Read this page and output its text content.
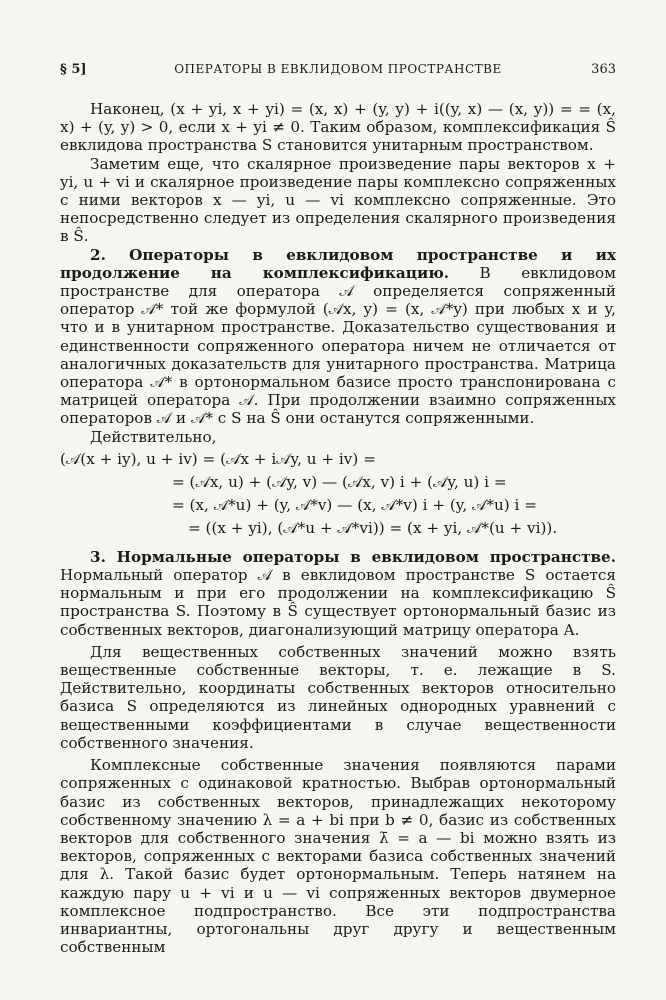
§ 5]	ОПЕРАТОРЫ В ЕВКЛИДОВОМ ПРОСТРАНСТВЕ	363

Наконец, (x + yi, x + yi) = (x, x) + (y, y) + i((y, x) — (x, y)) = = (x, x) + (y, y) > 0, если x + yi ≠ 0. Таким образом, комплексификация Ŝ евклидова пространства S становится унитарным пространством.

Заметим еще, что скалярное произведение пары векторов x + yi, u + vi и скалярное произведение пары комплексно сопряженных с ними векторов x — yi, u — vi комплексно сопряженные. Это непосредственно следует из определения скалярного произведения в Ŝ.

2. Операторы в евклидовом пространстве и их продолжение на комплексификацию. В евклидовом пространстве для оператора 𝒜 определяется сопряженный оператор 𝒜* той же формулой (𝒜x, y) = (x, 𝒜*y) при любых x и y, что и в унитарном пространстве. Доказательство существования и единственности сопряженного оператора ничем не отличается от аналогичных доказательств для унитарного пространства. Матрица оператора 𝒜* в ортонормальном базисе просто транспонирована с матрицей оператора 𝒜. При продолжении взаимно сопряженных операторов 𝒜 и 𝒜* с S на Ŝ они останутся сопряженными.

Действительно,

(𝒜(x + iy), u + iv) = (𝒜x + i𝒜y, u + iv) =
= (𝒜x, u) + (𝒜y, v) — (𝒜x, v) i + (𝒜y, u) i =
= (x, 𝒜*u) + (y, 𝒜*v) — (x, 𝒜*v) i + (y, 𝒜*u) i =
= ((x + yi), (𝒜*u + 𝒜*vi)) = (x + yi, 𝒜*(u + vi)).

3. Нормальные операторы в евклидовом пространстве. Нормальный оператор 𝒜 в евклидовом пространстве S остается нормальным и при его продолжении на комплексификацию Ŝ пространства S. Поэтому в Ŝ существует ортонормальный базис из собственных векторов, диагонализующий матрицу оператора A.

Для вещественных собственных значений можно взять вещественные собственные векторы, т. е. лежащие в S. Действительно, координаты собственных векторов относительно базиса S определяются из линейных однородных уравнений с вещественными коэффициентами в случае вещественности собственного значения.

Комплексные собственные значения появляются парами сопряженных с одинаковой кратностью. Выбрав ортонормальный базис из собственных векторов, принадлежащих некоторому собственному значению λ = a + bi при b ≠ 0, базис из собственных векторов для собственного значения λ̄ = a — bi можно взять из векторов, сопряженных с векторами базиса собственных значений для λ. Такой базис будет ортонормальным. Теперь натянем на каждую пару u + vi и u — vi сопряженных векторов двумерное комплексное подпространство. Все эти подпространства инвариантны, ортогональны друг другу и вещественным собственным
